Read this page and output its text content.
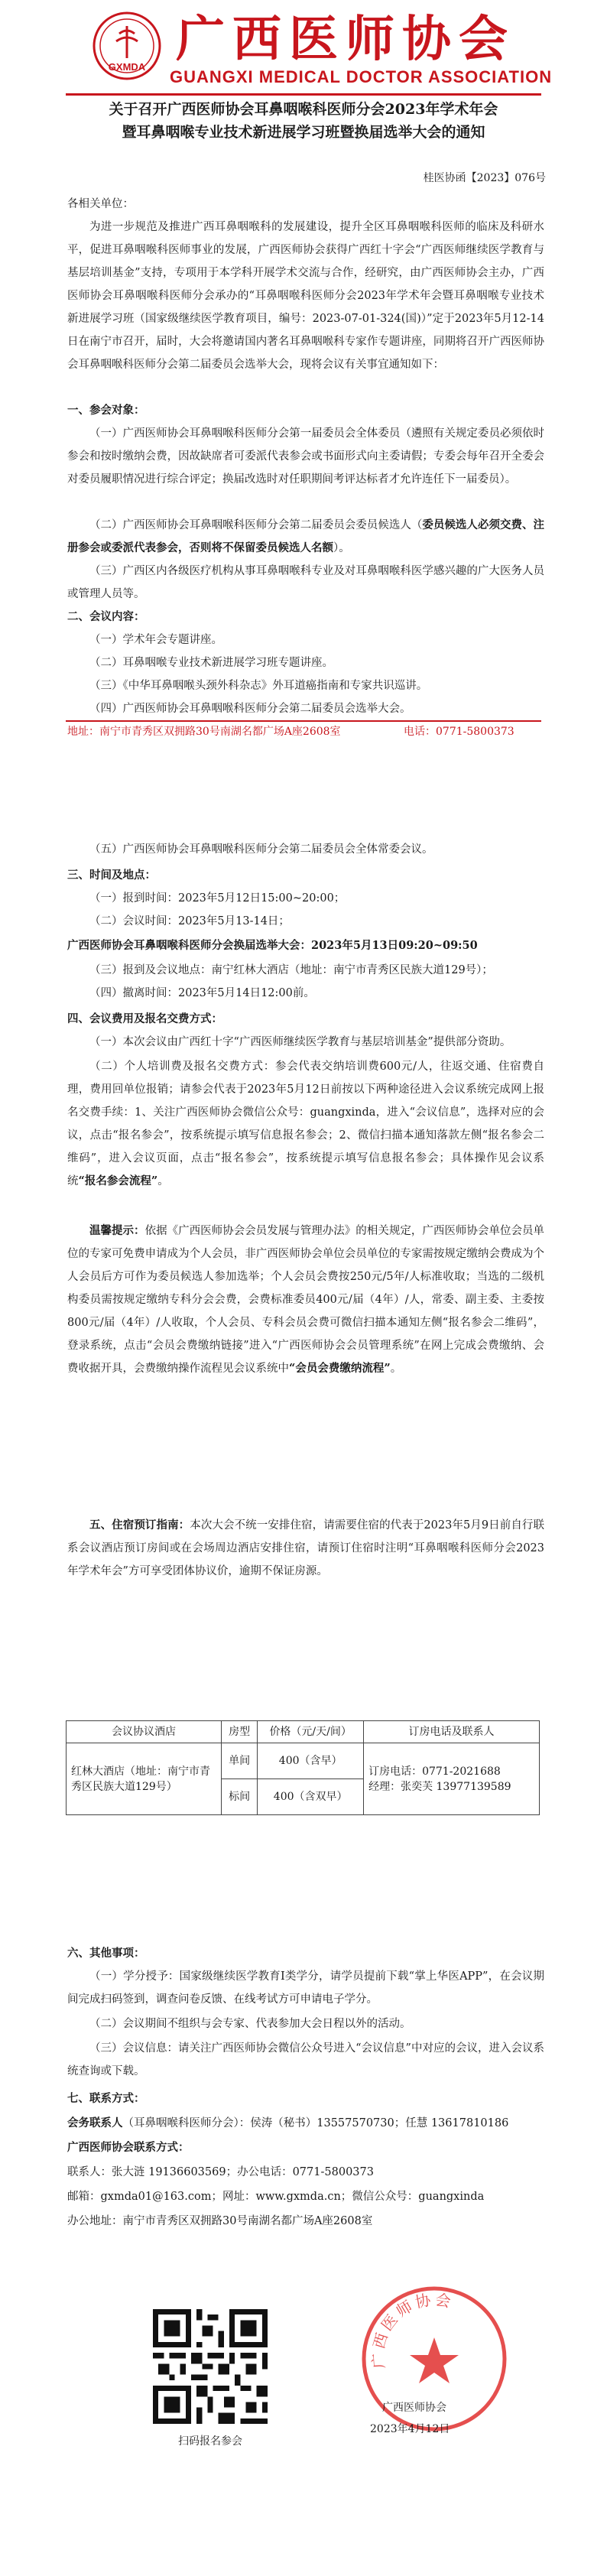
GXMDA 广西医师协会
GUANGXI MEDICAL DOCTOR ASSOCIATION
关于召开广西医师协会耳鼻咽喉科医师分会2023年学术年会
暨耳鼻咽喉专业技术新进展学习班暨换届选举大会的通知
桂医协函【2023】076号
各相关单位：
为进一步规范及推进广西耳鼻咽喉科的发展建设，提升全区耳鼻咽喉科医师的临床及科研水平，促进耳鼻咽喉科医师事业的发展，广西医师协会获得广西红十字会“广西医师继续医学教育与基层培训基金”支持，专项用于本学科开展学术交流与合作，经研究，由广西医师协会主办，广西医师协会耳鼻咽喉科医师分会承办的“耳鼻咽喉科医师分会2023年学术年会暨耳鼻咽喉专业技术新进展学习班（国家级继续医学教育项目，编号：2023-07-01-324(国)）”定于2023年5月12-14日在南宁市召开，届时，大会将邀请国内著名耳鼻咽喉科专家作专题讲座，同期将召开广西医师协会耳鼻咽喉科医师分会第二届委员会选举大会，现将会议有关事宜通知如下：
一、参会对象：
（一）广西医师协会耳鼻咽喉科医师分会第一届委员会全体委员（遴照有关规定委员必须依时参会和按时缴纳会费，因故缺席者可委派代表参会或书面形式向主委请假；专委会每年召开全委会对委员履职情况进行综合评定；换届改选时对任职期间考评达标者才允许连任下一届委员）。
（二）广西医师协会耳鼻咽喉科医师分会第二届委员会委员候选人（委员候选人必须交费、注册参会或委派代表参会，否则将不保留委员候选人名额）。
（三）广西区内各级医疗机构从事耳鼻咽喉科专业及对耳鼻咽喉科医学感兴趣的广大医务人员或管理人员等。
二、会议内容：
（一）学术年会专题讲座。
（二）耳鼻咽喉专业技术新进展学习班专题讲座。
（三）《中华耳鼻咽喉头颈外科杂志》外耳道癌指南和专家共识巡讲。
（四）广西医师协会耳鼻咽喉科医师分会第二届委员会选举大会。
地址：南宁市青秀区双拥路30号南湖名都广场A座2608室	电话：0771-5800373
（五）广西医师协会耳鼻咽喉科医师分会第二届委员会全体常委会议。
三、时间及地点：
（一）报到时间：2023年5月12日15:00~20:00；
（二）会议时间：2023年5月13-14日；
广西医师协会耳鼻咽喉科医师分会换届选举大会：2023年5月13日09:20~09:50
（三）报到及会议地点：南宁红林大酒店（地址：南宁市青秀区民族大道129号）；
（四）撤离时间：2023年5月14日12:00前。
四、会议费用及报名交费方式：
（一）本次会议由广西红十字“广西医师继续医学教育与基层培训基金”提供部分资助。
（二）个人培训费及报名交费方式：参会代表交纳培训费600元/人，往返交通、住宿费自理，费用回单位报销；请参会代表于2023年5月12日前按以下两种途径进入会议系统完成网上报名交费手续：1、关注广西医师协会微信公众号：guangxinda，进入“会议信息”，选择对应的会议，点击“报名参会”，按系统提示填写信息报名参会；2、微信扫描本通知落款左侧“报名参会二维码”，进入会议页面，点击“报名参会”，按系统提示填写信息报名参会；具体操作见会议系统“报名参会流程”。
温馨提示：依据《广西医师协会会员发展与管理办法》的相关规定，广西医师协会单位会员单位的专家可免费申请成为个人会员，非广西医师协会单位会员单位的专家需按规定缴纳会费成为个人会员后方可作为委员候选人参加选举；个人会员会费按250元/5年/人标准收取；当选的二级机构委员需按规定缴纳专科分会会费，会费标准委员400元/届（4年）/人，常委、副主委、主委按800元/届（4年）/人收取，个人会员、专科会员会费可微信扫描本通知左侧“报名参会二维码”，登录系统，点击“会员会费缴纳链接”进入“广西医师协会会员管理系统”在网上完成会费缴纳、会费收据开具，会费缴纳操作流程见会议系统中“会员会费缴纳流程”。
五、住宿预订指南：本次大会不统一安排住宿，请需要住宿的代表于2023年5月9日前自行联系会议酒店预订房间或在会场周边酒店安排住宿，请预订住宿时注明“耳鼻咽喉科医师分会2023年学术年会”方可享受团体协议价，逾期不保证房源。
会议协议酒店	房型	价格（元/天/间）	订房电话及联系人
红林大酒店（地址：南宁市青秀区民族大道129号）	单间	400（含早）	订房电话：0771-2021688
经理：张奕芙 13977139589

	标间	400（含双早）	
六、其他事项：
（一）学分授予：国家级继续医学教育I类学分，请学员提前下载“掌上华医APP”，在会议期间完成扫码签到，调查问卷反馈、在线考试方可申请电子学分。
（二）会议期间不组织与会专家、代表参加大会日程以外的活动。
（三）会议信息：请关注广西医师协会微信公众号进入“会议信息”中对应的会议，进入会议系统查询或下载。
七、联系方式：
会务联系人（耳鼻咽喉科医师分会）：侯涛（秘书）13557570730；任慧 13617810186
广西医师协会联系方式：
联系人：张大涟 19136603569；办公电话：0771-5800373
邮箱：gxmda01@163.com；网址：www.gxmda.cn；微信公众号：guangxinda
办公地址：南宁市青秀区双拥路30号南湖名都广场A座2608室
扫码报名参会
广西医师协会
广西医师协会
2023年4月12日
